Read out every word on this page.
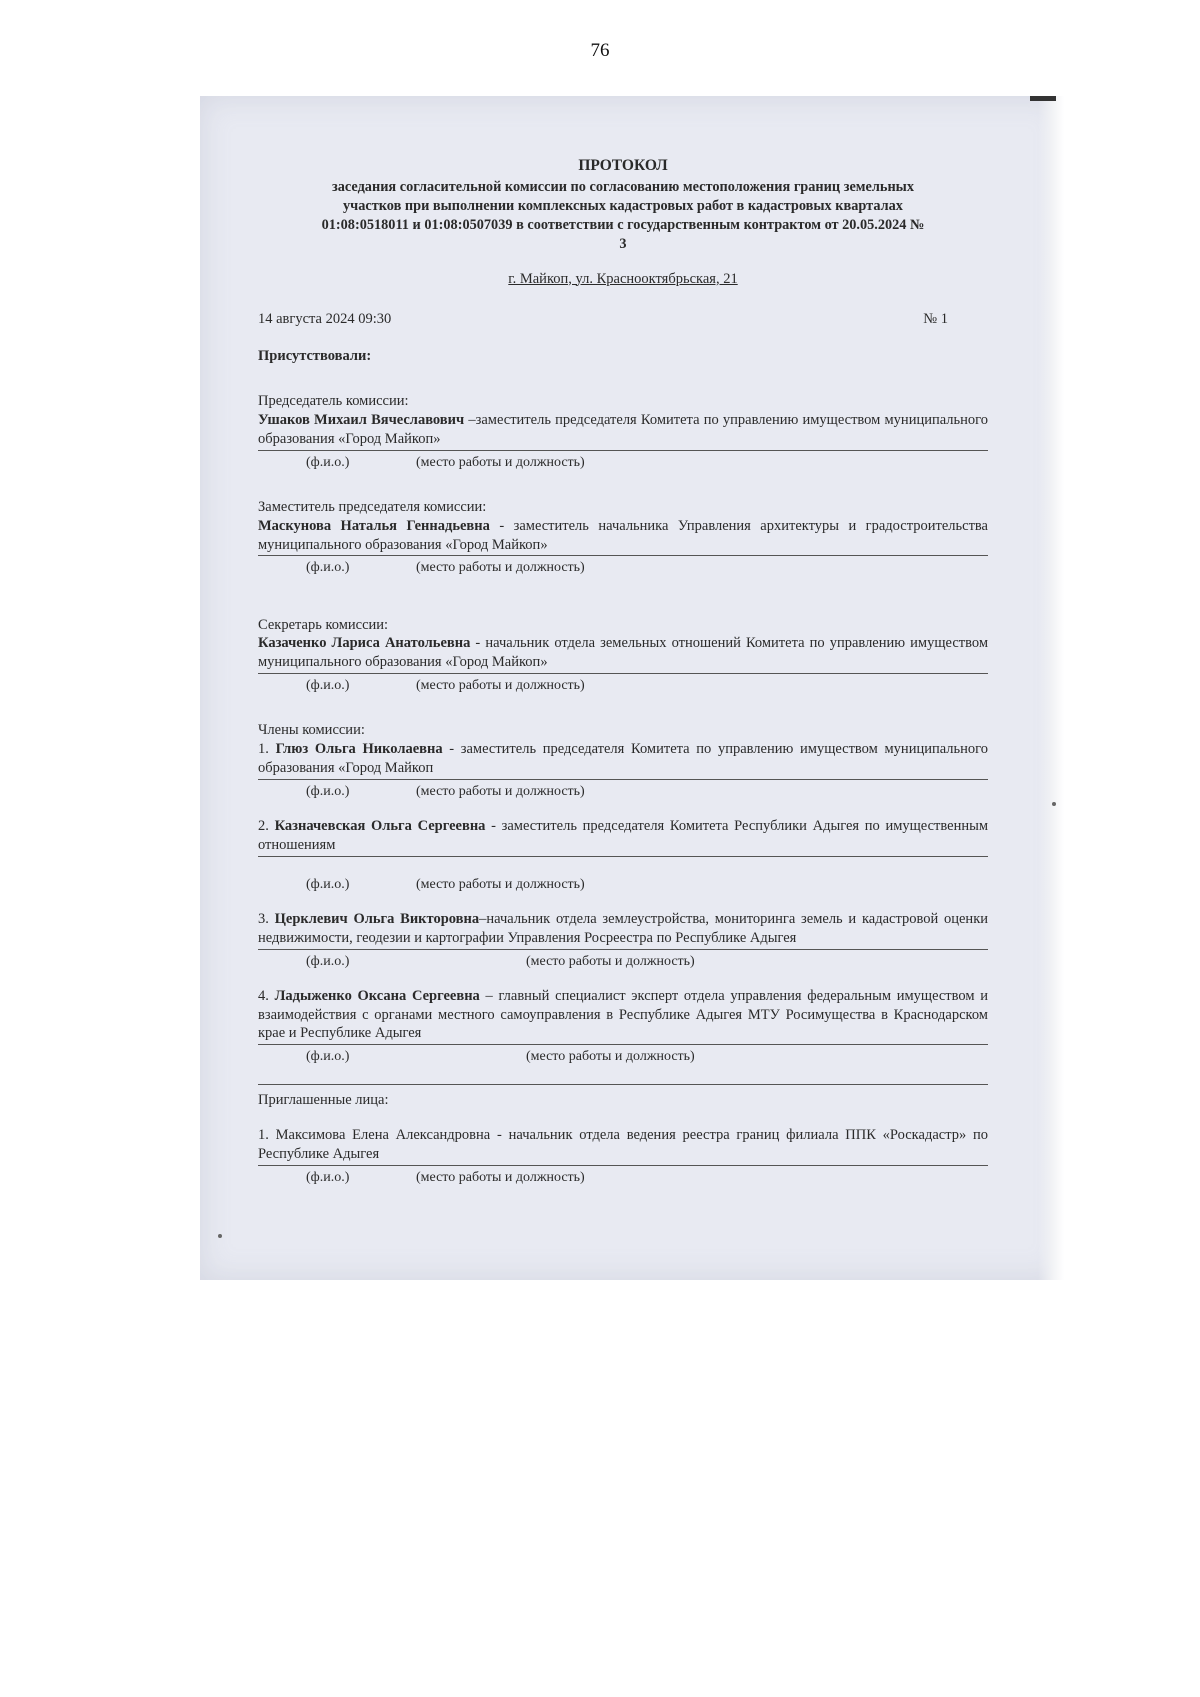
76
ПРОТОКОЛ
заседания согласительной комиссии по согласованию местоположения границ земельных
участков при выполнении комплексных кадастровых работ в кадастровых кварталах
01:08:0518011 и 01:08:0507039 в соответствии с государственным контрактом от 20.05.2024 №
3
г. Майкоп, ул. Краснооктябрьская, 21
14 августа 2024 09:30	№ 1
Присутствовали:
Председатель комиссии:
Ушаков Михаил Вячеславович –заместитель председателя Комитета по управлению имуществом муниципального образования «Город Майкоп»
(ф.и.о.)	(место работы и должность)
Заместитель председателя комиссии:
Маскунова Наталья Геннадьевна - заместитель начальника Управления архитектуры и градостроительства муниципального образования «Город Майкоп»
(ф.и.о.)	(место работы и должность)
Секретарь комиссии:
Казаченко Лариса Анатольевна - начальник отдела земельных отношений Комитета по управлению имуществом муниципального образования «Город Майкоп»
(ф.и.о.)	(место работы и должность)
Члены комиссии:
1. Глюз Ольга Николаевна - заместитель председателя Комитета по управлению имуществом муниципального образования «Город Майкоп
(ф.и.о.)	(место работы и должность)
2. Казначевская Ольга Сергеевна - заместитель председателя Комитета Республики Адыгея по имущественным отношениям
(ф.и.о.)	(место работы и должность)
3. Церклевич Ольга Викторовна–начальник отдела землеустройства, мониторинга земель и кадастровой оценки недвижимости, геодезии и картографии Управления Росреестра по Республике Адыгея
(ф.и.о.)	(место работы и должность)
4. Ладыженко Оксана Сергеевна – главный специалист эксперт отдела управления федеральным имуществом и взаимодействия с органами местного самоуправления в Республике Адыгея МТУ Росимущества в Краснодарском крае и Республике Адыгея
(ф.и.о.)	(место работы и должность)
Приглашенные лица:
1. Максимова Елена Александровна - начальник отдела ведения реестра границ филиала ППК «Роскадастр» по Республике Адыгея
(ф.и.о.)	(место работы и должность)
